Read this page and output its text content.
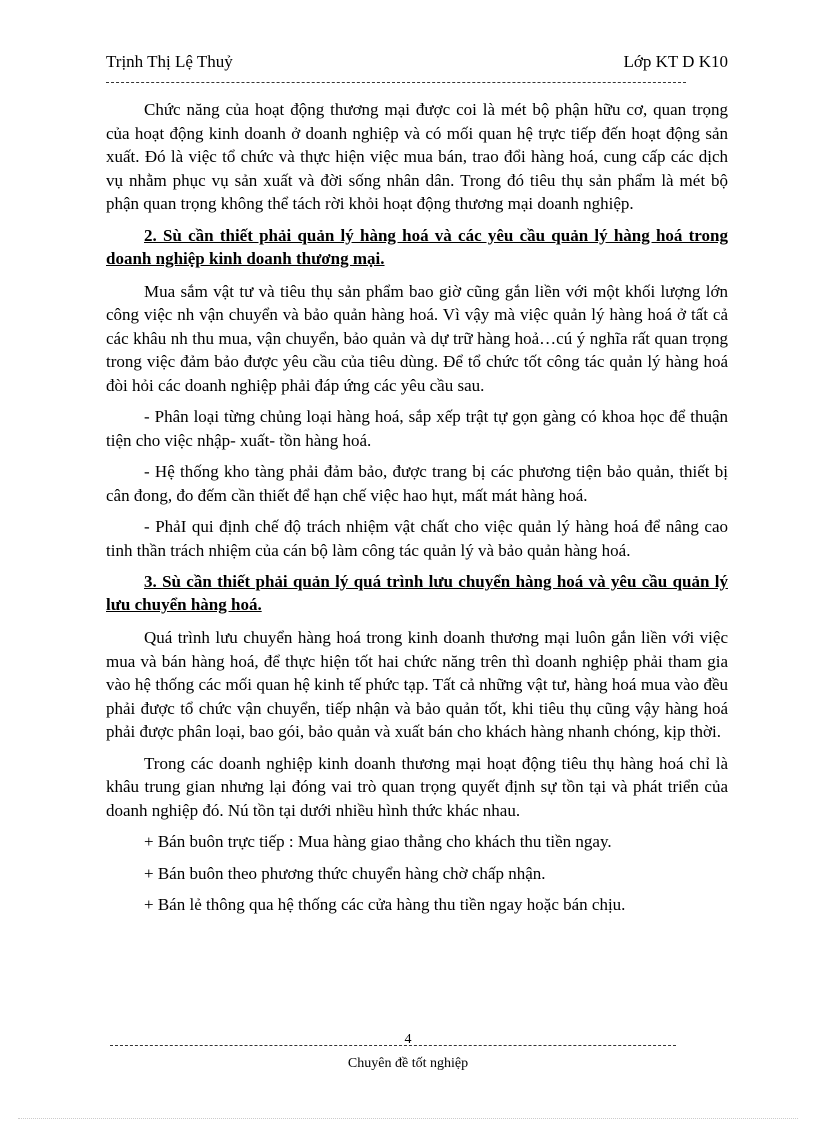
Trịnh Thị Lệ Thuỷ	Lớp KT D K10

Chức năng của hoạt động thương mại được coi là mét bộ phận hữu cơ, quan trọng của hoạt động kinh doanh ở doanh nghiệp và có mối quan hệ trực tiếp đến hoạt động sản xuất. Đó là việc tổ chức và thực hiện việc mua bán, trao đổi hàng hoá, cung cấp các dịch vụ nhằm phục vụ sản xuất và đời sống nhân dân. Trong đó tiêu thụ sản phẩm là mét bộ phận quan trọng không thể tách rời khỏi hoạt động thương mại doanh nghiệp.

2. Sù cần thiết phải quản lý hàng hoá và các yêu cầu quản lý hàng hoá trong doanh nghiệp kinh doanh thương mại.

Mua sắm vật tư và tiêu thụ sản phẩm bao giờ cũng gắn liền với một khối lượng lớn công việc nh vận chuyển và bảo quản hàng hoá. Vì vậy mà việc quản lý hàng hoá ở tất cả các khâu nh thu mua, vận chuyển, bảo quản và dự trữ hàng hoả…cú ý nghĩa rất quan trọng trong việc đảm bảo được yêu cầu của tiêu dùng. Để tổ chức tốt công tác quản lý hàng hoá đòi hỏi các doanh nghiệp phải đáp ứng các yêu cầu sau.

- Phân loại từng chủng loại hàng hoá, sắp xếp trật tự gọn gàng có khoa học để thuận tiện cho việc nhập- xuất- tồn hàng hoá.

- Hệ thống kho tàng phải đảm bảo, được trang bị các phương tiện bảo quản, thiết bị cân đong, đo đếm cần thiết để hạn chế việc hao hụt, mất mát hàng hoá.

- PhảI qui định chế độ trách nhiệm vật chất cho việc quản lý hàng hoá để nâng cao tinh thần trách nhiệm của cán bộ làm công tác quản lý và bảo quản hàng hoá.

3. Sù cần thiết phải quản lý quá trình lưu chuyển hàng hoá và yêu cầu quản lý lưu chuyển hàng hoá.

Quá trình lưu chuyển hàng hoá trong kinh doanh thương mại luôn gắn liền với việc mua và bán hàng hoá, để thực hiện tốt hai chức năng trên thì doanh nghiệp phải tham gia vào hệ thống các mối quan hệ kinh tế phức tạp. Tất cả những vật tư, hàng hoá mua vào đều phải được tổ chức vận chuyển, tiếp nhận và bảo quản tốt, khi tiêu thụ cũng vậy hàng hoá phải được phân loại, bao gói, bảo quản và xuất bán cho khách hàng nhanh chóng, kịp thời.

Trong các doanh nghiệp kinh doanh thương mại hoạt động tiêu thụ hàng hoá chỉ là khâu trung gian nhưng lại đóng vai trò quan trọng quyết định sự tồn tại và phát triển của doanh nghiệp đó. Nú tồn tại dưới nhiều hình thức khác nhau.

+ Bán buôn trực tiếp : Mua hàng giao thẳng cho khách thu tiền ngay.

+ Bán buôn theo phương thức chuyển hàng chờ chấp nhận.

+ Bán lẻ thông qua hệ thống các cửa hàng thu tiền ngay hoặc bán chịu.

4
Chuyên đề tốt nghiệp
